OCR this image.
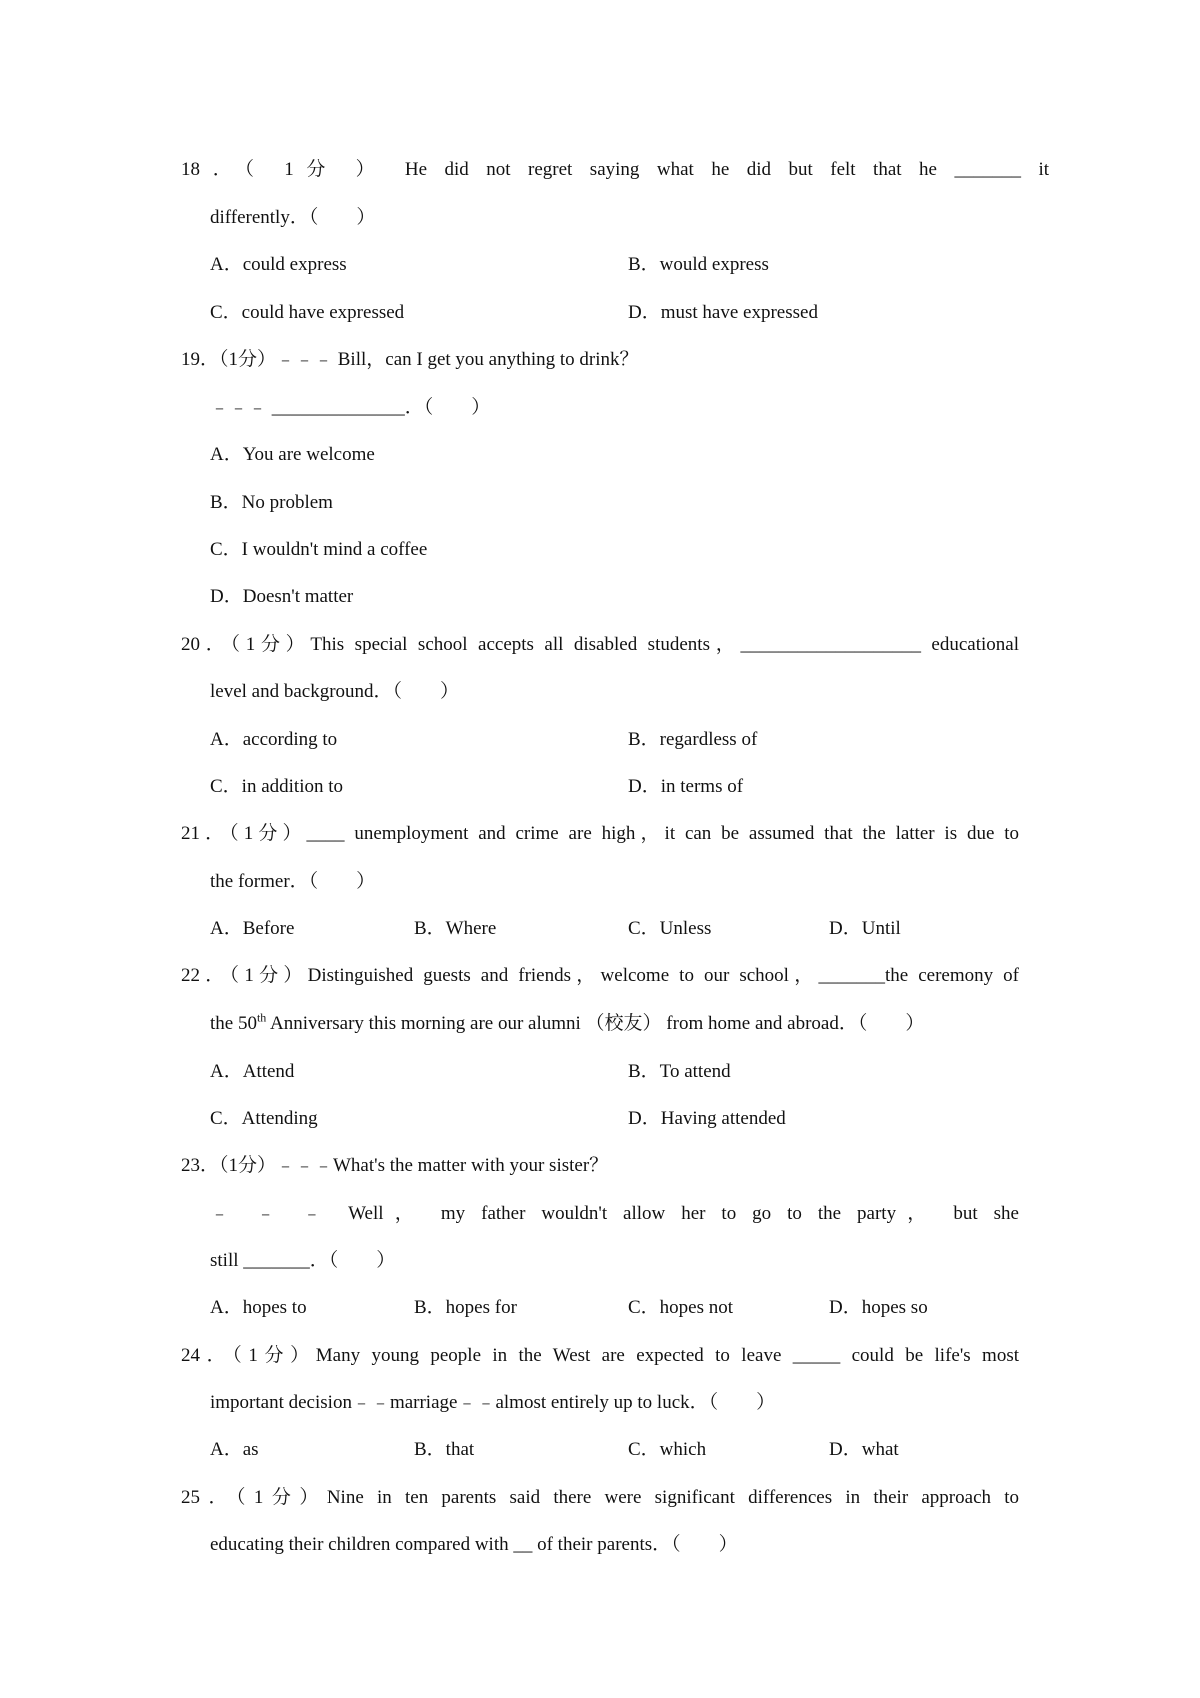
18．（ 1分 ） He did not regret saying what he did but felt that he _______ it
differently．（　　）
A．could express	B．would express
C．could have expressed	D．must have expressed
19．（1分）﹣﹣﹣ Bill，can I get you anything to drink？
﹣﹣﹣ ______________．（　　）
A．You are welcome
B．No problem
C．I wouldn't mind a coffee
D．Doesn't matter
20．（1分）This special school accepts all disabled students，___________________ educational
level and background．（　　）
A．according to	B．regardless of
C．in addition to	D．in terms of
21．（1分）____ unemployment and crime are high，it can be assumed that the latter is due to
the former．（　　）
A．Before	B．Where	C．Unless	D．Until
22．（1分）Distinguished guests and friends，welcome to our school，_______the ceremony of
the 50th Anniversary this morning are our alumni （校友） from home and abroad．（　　）
A．Attend	B．To attend
C．Attending	D．Having attended
23．（1分）﹣﹣﹣What's the matter with your sister？
﹣ ﹣ ﹣ Well， my father wouldn't allow her to go to the party， but she
still _______．（　　）
A．hopes to	B．hopes for	C．hopes not	D．hopes so
24．（1分）Many young people in the West are expected to leave _____ could be life's most
important decision﹣﹣marriage﹣﹣almost entirely up to luck．（　　）
A．as	B．that	C．which	D．what
25．（1分）Nine in ten parents said there were significant differences in their approach to
educating their children compared with __ of their parents．（　　）
